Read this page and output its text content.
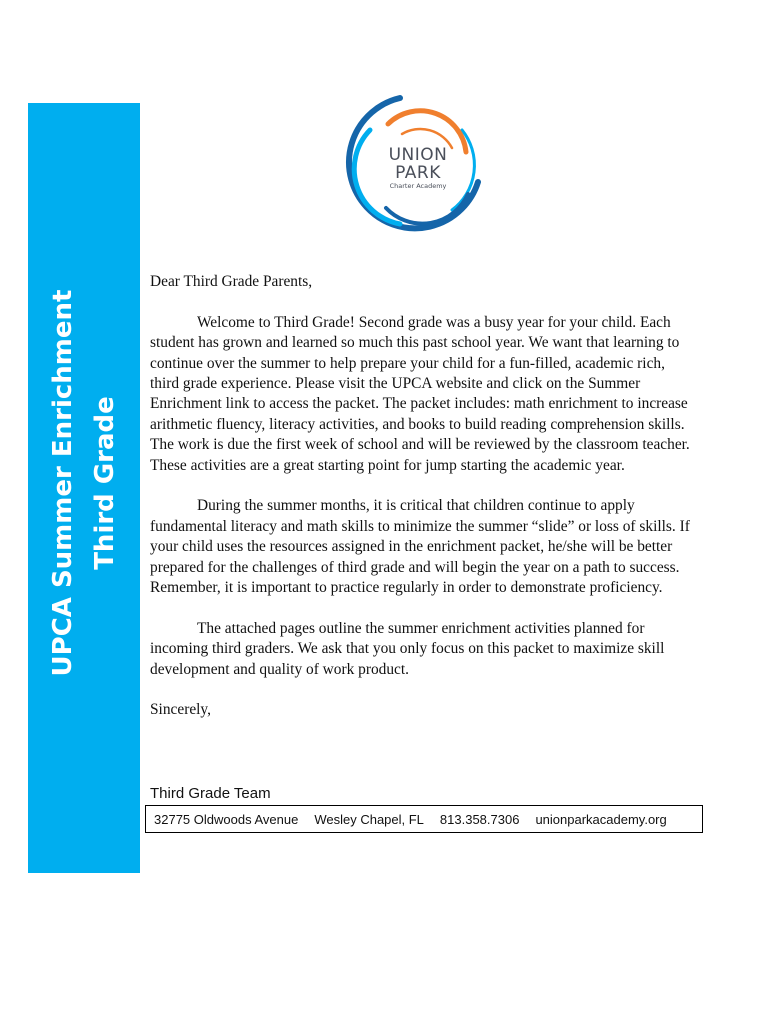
UPCA Summer Enrichment Third Grade
UNION
PARK
Charter Academy

Dear Third Grade Parents,

Welcome to Third Grade! Second grade was a busy year for your child. Each student has grown and learned so much this past school year. We want that learning to continue over the summer to help prepare your child for a fun-filled, academic rich, third grade experience. Please visit the UPCA website and click on the Summer Enrichment link to access the packet. The packet includes: math enrichment to increase arithmetic fluency, literacy activities, and books to build reading comprehension skills. The work is due the first week of school and will be reviewed by the classroom teacher. These activities are a great starting point for jump starting the academic year.

During the summer months, it is critical that children continue to apply fundamental literacy and math skills to minimize the summer “slide” or loss of skills. If your child uses the resources assigned in the enrichment packet, he/she will be better prepared for the challenges of third grade and will begin the year on a path to success. Remember, it is important to practice regularly in order to demonstrate proficiency.

The attached pages outline the summer enrichment activities planned for incoming third graders. We ask that you only focus on this packet to maximize skill development and quality of work product.

Sincerely,

Third Grade Team
32775 Oldwoods Avenue Wesley Chapel, FL 813.358.7306 unionparkacademy.org
